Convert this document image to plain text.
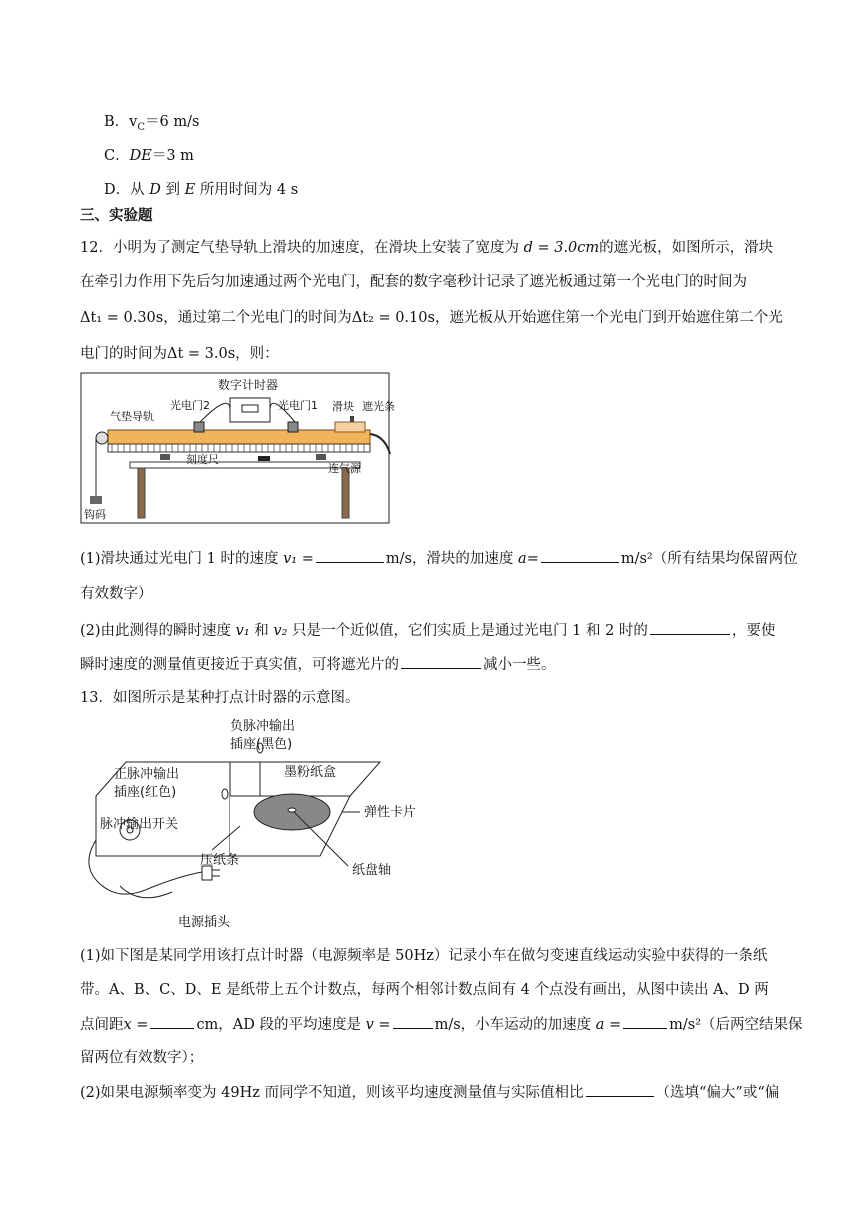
B．$v_C=6$ m/s
C．DE＝3 m
D．从 D 到 E 所用时间为 4 s
三、实验题
12．小明为了测定气垫导轨上滑块的加速度，在滑块上安装了宽度为 d = 3.0cm的遮光板，如图所示，滑块
在牵引力作用下先后匀加速通过两个光电门，配套的数字毫秒计记录了遮光板通过第一个光电门的时间为
Δt₁ = 0.30s，通过第二个光电门的时间为Δt₂ = 0.10s，遮光板从开始遮住第一个光电门到开始遮住第二个光
电门的时间为Δt = 3.0s，则：
数字计时器
光电门2	光电门1
气垫导轨
滑块 遮光条
刻度尺
连气源
钩码
(1)滑块通过光电门 1 时的速度 v₁ =	m/s，滑块的加速度 a=	m/s²（所有结果均保留两位
有效数字）
(2)由此测得的瞬时速度 v₁ 和 v₂ 只是一个近似值，它们实质上是通过光电门 1 和 2 时的	，要使
瞬时速度的测量值更接近于真实值，可将遮光片的	减小一些。
13．如图所示是某种打点计时器的示意图。
负脉冲输出
插座(黑色)
正脉冲输出
插座(红色)
墨粉纸盒
弹性卡片
脉冲输出开关
压纸条
纸盘轴
电源插头
(1)如下图是某同学用该打点计时器（电源频率是 50Hz）记录小车在做匀变速直线运动实验中获得的一条纸
带。A、B、C、D、E 是纸带上五个计数点，每两个相邻计数点间有 4 个点没有画出，从图中读出 A、D 两
点间距x =	cm，AD 段的平均速度是 v =	m/s，小车运动的加速度 a =	m/s²（后两空结果保
留两位有效数字）；
(2)如果电源频率变为 49Hz 而同学不知道，则该平均速度测量值与实际值相比	（选填“偏大”或“偏
